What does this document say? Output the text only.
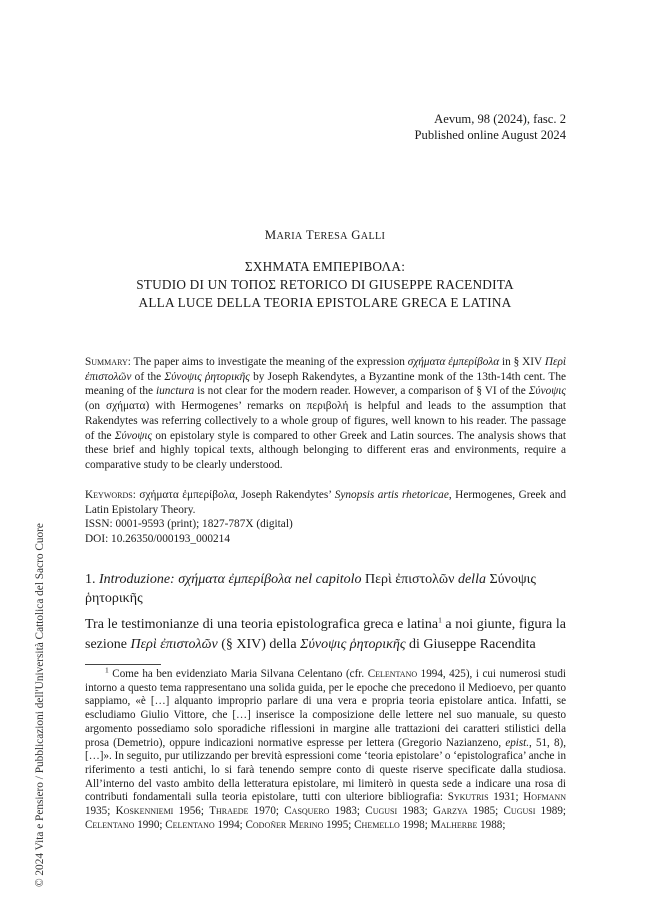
© 2024 Vita e Pensiero / Pubblicazioni dell'Università Cattolica del Sacro Cuore
Aevum, 98 (2024), fasc. 2
Published online August 2024
MARIA TERESA GALLI
ΣΧΗΜΑΤΑ ΕΜΠΕΡΙΒΟΛΑ:
STUDIO DI UN ΤΟΠΟΣ RETORICO DI GIUSEPPE RACENDITA
ALLA LUCE DELLA TEORIA EPISTOLARE GRECA E LATINA

Summary: The paper aims to investigate the meaning of the expression σχήματα ἐμπερίβολα in § XIV Περὶ ἐπιστολῶν of the Σύνοψις ῥητορικῆς by Joseph Rakendytes, a Byzantine monk of the 13th-14th cent. The meaning of the iunctura is not clear for the modern reader. However, a comparison of § VI of the Σύνοψις (on σχήματα) with Hermogenes’ remarks on περιβολή is helpful and leads to the assumption that Rakendytes was referring collectively to a whole group of figures, well known to his reader. The passage of the Σύνοψις on epistolary style is compared to other Greek and Latin sources. The analysis shows that these brief and highly topical texts, although belonging to different eras and environments, require a comparative study to be clearly understood.

Keywords: σχήματα ἐμπερίβολα, Joseph Rakendytes’ Synopsis artis rhetoricae, Hermogenes, Greek and Latin Epistolary Theory.

ISSN: 0001-9593 (print); 1827-787X (digital)

DOI: 10.26350/000193_000214

1. Introduzione: σχήματα ἐμπερίβολα nel capitolo Περὶ ἐπιστολῶν della Σύνοψις ῥητορικῆς
Tra le testimonianze di una teoria epistolografica greca e latina$^1$ a noi giunte, figura la sezione Περὶ ἐπιστολῶν (§ XIV) della Σύνοψις ῥητορικῆς di Giuseppe Racendita
$^1$ Come ha ben evidenziato Maria Silvana Celentano (cfr. Celentano 1994, 425), i cui numerosi studi intorno a questo tema rappresentano una solida guida, per le epoche che precedono il Medioevo, per quanto sappiamo, «è […] alquanto improprio parlare di una vera e propria teoria epistolare antica. Infatti, se escludiamo Giulio Vittore, che […] inserisce la composizione delle lettere nel suo manuale, su questo argomento possediamo solo sporadiche riflessioni in margine alle trattazioni dei caratteri stilistici della prosa (Demetrio), oppure indicazioni normative espresse per lettera (Gregorio Nazianzeno, epist., 51, 8), […]». In seguito, pur utilizzando per brevità espressioni come ‘teoria epistolare’ o ‘epistolografica’ anche in riferimento a testi antichi, lo si farà tenendo sempre conto di queste riserve specificate dalla studiosa. All’interno del vasto ambito della letteratura epistolare, mi limiterò in questa sede a indicare una rosa di contributi fondamentali sulla teoria epistolare, tutti con ulteriore bibliografia: Sykutris 1931; Hofmann 1935; Koskenniemi 1956; Thraede 1970; Casquero 1983; Cugusi 1983; Garzya 1985; Cugusi 1989; Celentano 1990; Celentano 1994; Codoñer Merino 1995; Chemello 1998; Malherbe 1988;
